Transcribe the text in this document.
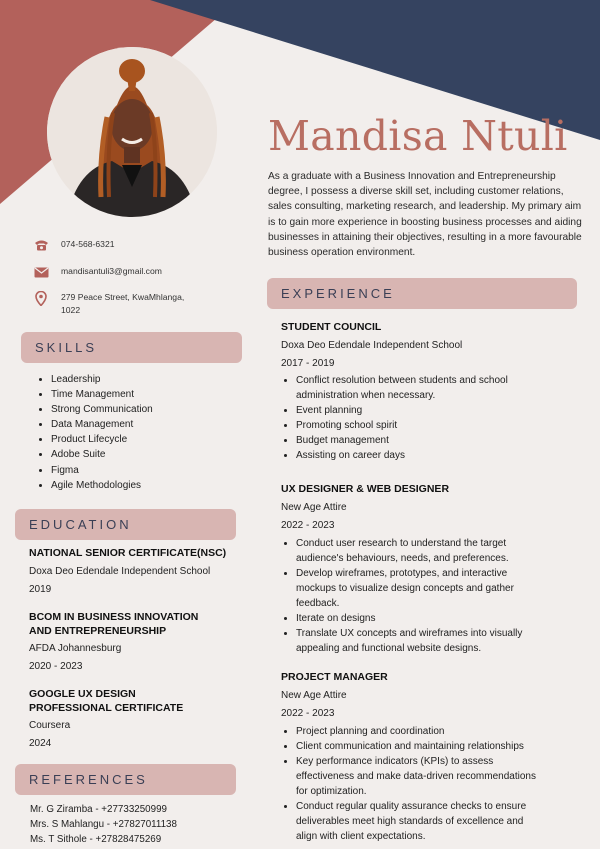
Mandisa Ntuli

As a graduate with a Business Innovation and Entrepreneurship degree, I possess a diverse skill set, including customer relations, sales consulting, marketing research, and leadership. My primary aim is to gain more experience in boosting business processes and aiding businesses in attaining their objectives, resulting in a more favourable business operation environment.

074-568-6321
mandisantuli3@gmail.com
279 Peace Street, KwaMhlanga,
1022
SKILLS
• Leadership
• Time Management
• Strong Communication
• Data Management
• Product Lifecycle
• Adobe Suite
• Figma
• Agile Methodologies
EDUCATION
NATIONAL SENIOR CERTIFICATE(NSC)
Doxa Deo Edendale Independent School
2019
BCOM IN BUSINESS INNOVATION
AND ENTREPRENEURSHIP
AFDA Johannesburg
2020 - 2023
GOOGLE UX DESIGN
PROFESSIONAL CERTIFICATE
Coursera
2024
REFERENCES
Mr. G Ziramba - +27733250999
Mrs. S Mahlangu - +27827011138
Ms. T Sithole - +27828475269
EXPERIENCE
STUDENT COUNCIL
Doxa Deo Edendale Independent School
2017 - 2019
• Conflict resolution between students and school
administration when necessary.
• Event planning
• Promoting school spirit
• Budget management
• Assisting on career days
UX DESIGNER & WEB DESIGNER
New Age Attire
2022 - 2023
• Conduct user research to understand the target
audience's behaviours, needs, and preferences.
• Develop wireframes, prototypes, and interactive
mockups to visualize design concepts and gather
feedback.
• Iterate on designs
• Translate UX concepts and wireframes into visually
appealing and functional website designs.
PROJECT MANAGER
New Age Attire
2022 - 2023
• Project planning and coordination
• Client communication and maintaining relationships
• Key performance indicators (KPIs) to assess
effectiveness and make data-driven recommendations
for optimization.
• Conduct regular quality assurance checks to ensure
deliverables meet high standards of excellence and
align with client expectations.
